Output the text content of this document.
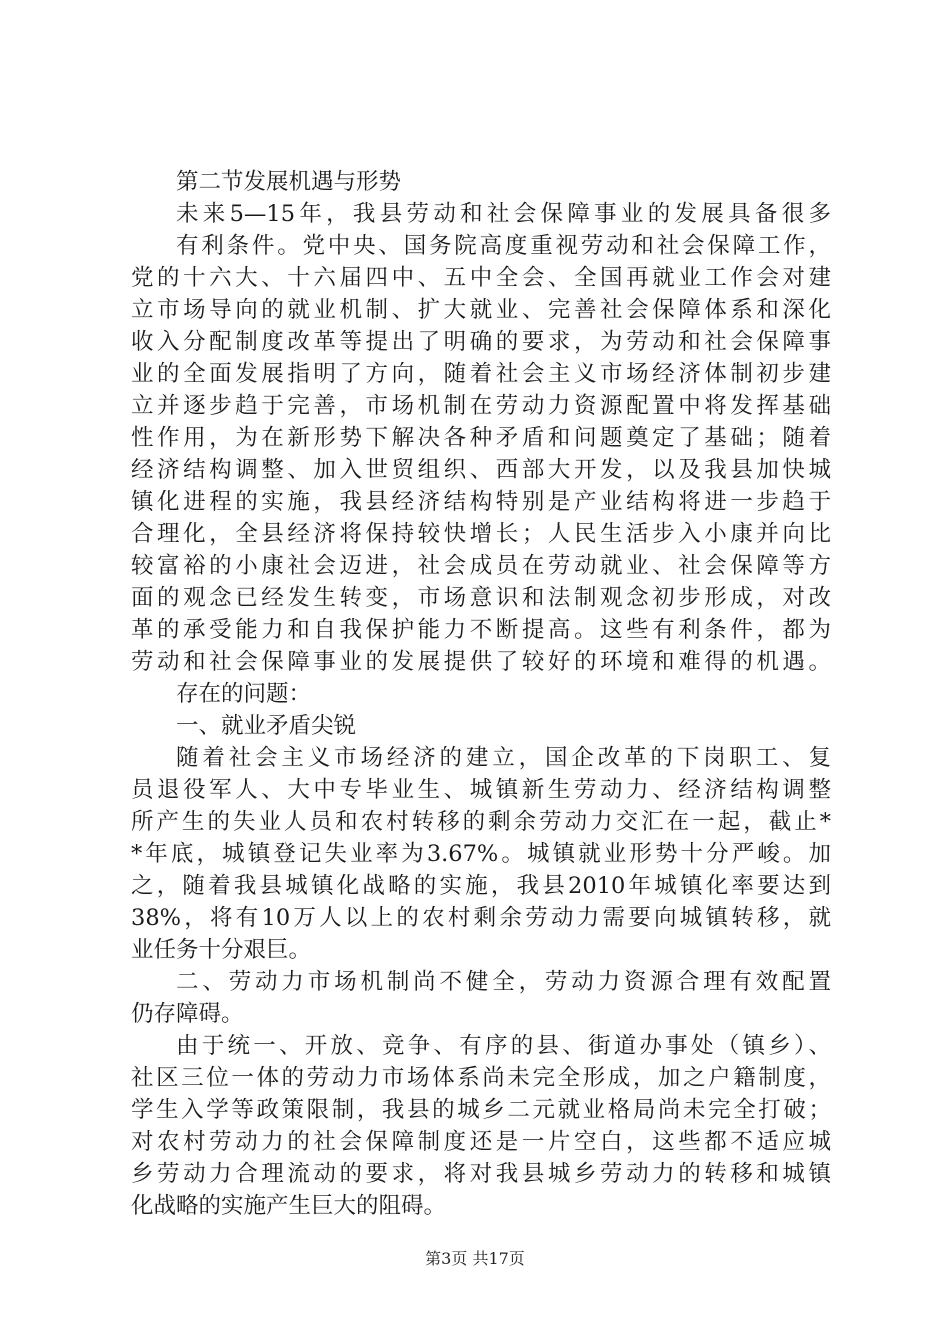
第二节发展机遇与形势
未来5—15年，我县劳动和社会保障事业的发展具备很多
有利条件。党中央、国务院高度重视劳动和社会保障工作，
党的十六大、十六届四中、五中全会、全国再就业工作会对建
立市场导向的就业机制、扩大就业、完善社会保障体系和深化
收入分配制度改革等提出了明确的要求，为劳动和社会保障事
业的全面发展指明了方向，随着社会主义市场经济体制初步建
立并逐步趋于完善，市场机制在劳动力资源配置中将发挥基础
性作用，为在新形势下解决各种矛盾和问题奠定了基础；随着
经济结构调整、加入世贸组织、西部大开发，以及我县加快城
镇化进程的实施，我县经济结构特别是产业结构将进一步趋于
合理化，全县经济将保持较快增长；人民生活步入小康并向比
较富裕的小康社会迈进，社会成员在劳动就业、社会保障等方
面的观念已经发生转变，市场意识和法制观念初步形成，对改
革的承受能力和自我保护能力不断提高。这些有利条件，都为
劳动和社会保障事业的发展提供了较好的环境和难得的机遇。
存在的问题：
一、就业矛盾尖锐
随着社会主义市场经济的建立，国企改革的下岗职工、复
员退役军人、大中专毕业生、城镇新生劳动力、经济结构调整
所产生的失业人员和农村转移的剩余劳动力交汇在一起，截止*
*年底，城镇登记失业率为3.67%。城镇就业形势十分严峻。加
之，随着我县城镇化战略的实施，我县2010年城镇化率要达到
38%，将有10万人以上的农村剩余劳动力需要向城镇转移，就
业任务十分艰巨。
二、劳动力市场机制尚不健全，劳动力资源合理有效配置
仍存障碍。
由于统一、开放、竞争、有序的县、街道办事处（镇乡）、
社区三位一体的劳动力市场体系尚未完全形成，加之户籍制度，
学生入学等政策限制，我县的城乡二元就业格局尚未完全打破；
对农村劳动力的社会保障制度还是一片空白，这些都不适应城
乡劳动力合理流动的要求，将对我县城乡劳动力的转移和城镇
化战略的实施产生巨大的阻碍。
第3页 共17页
